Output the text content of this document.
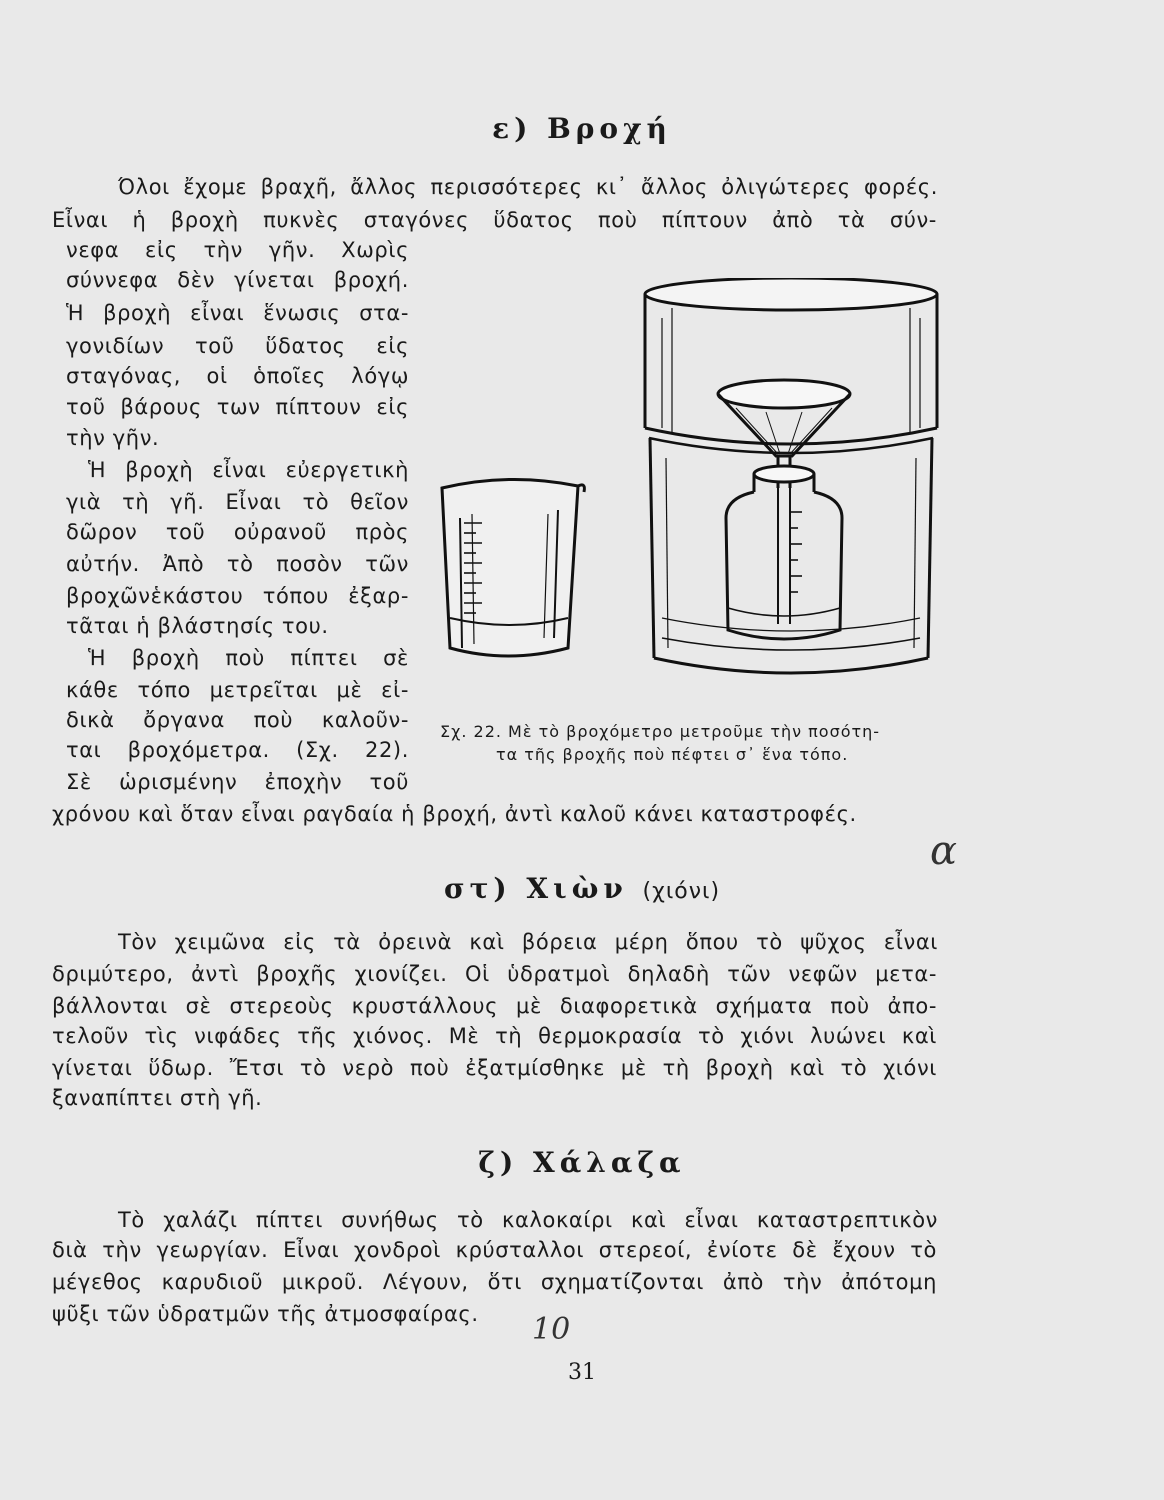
ε) Βροχή
Όλοι ἔχομε βραχῆ, ἄλλος περισσότερες κι᾿ ἄλλος ὀλιγώτερες φορές.
Εἶναι ἡ βροχὴ πυκνὲς σταγόνες ὕδατος ποὺ πίπτουν ἀπὸ τὰ σύν-
νεφα εἰς τὴν γῆν. Χωρὶς
σύννεφα δὲν γίνεται βροχή.
Ἡ βροχὴ εἶναι ἕνωσις στα-
γονιδίων τοῦ ὕδατος εἰς
σταγόνας, οἱ ὁποῖες λόγῳ
τοῦ βάρους των πίπτουν εἰς
τὴν γῆν.
Ἡ βροχὴ εἶναι εὐεργετικὴ
γιὰ τὴ γῆ. Εἶναι τὸ θεῖον
δῶρον τοῦ οὐρανοῦ πρὸς
αὐτήν. Ἀπὸ τὸ ποσὸν τῶν
βροχῶνἑκάστου τόπου ἐξαρ-
τᾶται ἡ βλάστησίς του.
Ἡ βροχὴ ποὺ πίπτει σὲ
κάθε τόπο μετρεῖται μὲ εἰ-
δικὰ ὄργανα ποὺ καλοῦν-
ται βροχόμετρα. (Σχ. 22).
Σὲ ὡρισμένην ἐποχὴν τοῦ
χρόνου καὶ ὅταν εἶναι ραγδαία ἡ βροχή, ἀντὶ καλοῦ κάνει καταστροφές.
Σχ. 22. Μὲ τὸ βροχόμετρο μετροῦμε τὴν ποσότη-
τα τῆς βροχῆς ποὺ πέφτει σ᾿ ἕνα τόπο.
α
στ) Χιὼν (χιόνι)
Τὸν χειμῶνα εἰς τὰ ὀρεινὰ καὶ βόρεια μέρη ὅπου τὸ ψῦχος εἶναι
δριμύτερο, ἀντὶ βροχῆς χιονίζει. Οἱ ὑδρατμοὶ δηλαδὴ τῶν νεφῶν μετα-
βάλλονται σὲ στερεοὺς κρυστάλλους μὲ διαφορετικὰ σχήματα ποὺ ἀπο-
τελοῦν τὶς νιφάδες τῆς χιόνος. Μὲ τὴ θερμοκρασία τὸ χιόνι λυώνει καὶ
γίνεται ὕδωρ. Ἔτσι τὸ νερὸ ποὺ ἐξατμίσθηκε μὲ τὴ βροχὴ καὶ τὸ χιόνι
ξαναπίπτει στὴ γῆ.
ζ) Χάλαζα
Τὸ χαλάζι πίπτει συνήθως τὸ καλοκαίρι καὶ εἶναι καταστρεπτικὸν
διὰ τὴν γεωργίαν. Εἶναι χονδροὶ κρύσταλλοι στερεοί, ἐνίοτε δὲ ἔχουν τὸ
μέγεθος καρυδιοῦ μικροῦ. Λέγουν, ὅτι σχηματίζονται ἀπὸ τὴν ἀπότομη
ψῦξι τῶν ὑδρατμῶν τῆς ἀτμοσφαίρας.	10
31
